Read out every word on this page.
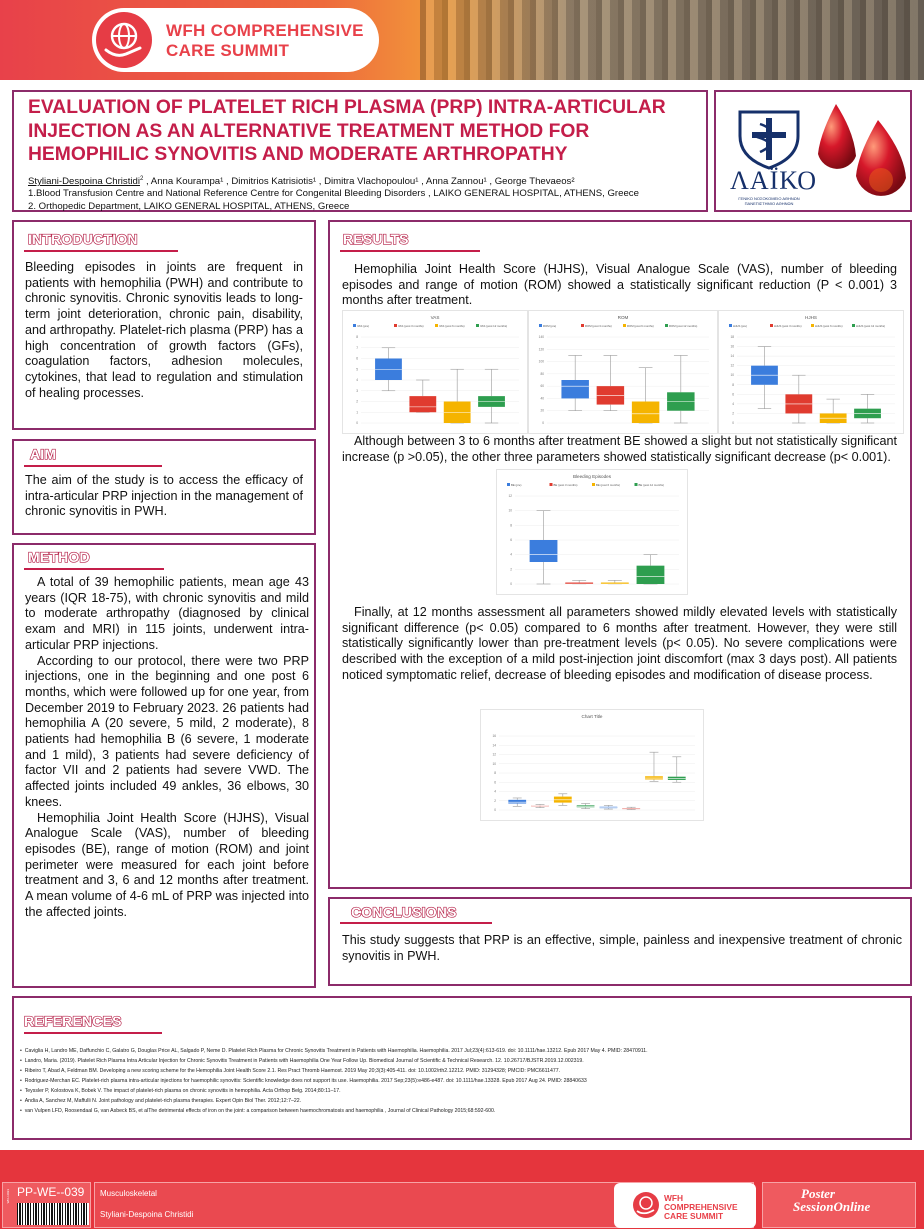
WFH COMPREHENSIVE
CARE SUMMIT
EVALUATION OF PLATELET RICH PLASMA (PRP) INTRA-ARTICULAR
INJECTION AS AN ALTERNATIVE TREATMENT METHOD FOR
HEMOPHILIC SYNOVITIS AND MODERATE ARTHROPATHY
Styliani-Despoina Christidi$^2$ , Anna Kourampa¹ , Dimitrios Katrisiotis¹ , Dimitra Vlachopoulou¹ , Anna Zannou¹ , George Thevaeos²
1.Blood Transfusion Centre and National Reference Centre for Congenital Bleeding Disorders , LAIKO GENERAL HOSPITAL, ATHENS, Greece
2. Orthopedic Department, LAIKO GENERAL HOSPITAL, ATHENS, Greece
ΛΑΪΚΟ
ΓΕΝΙΚΟ ΝΟΣΟΚΟΜΕΙΟ ΑΘΗΝΩΝ ΠΑΝΕΠΙΣΤΗΜΙΟ ΑΘΗΝΩΝ
INTRODUCTION
Bleeding episodes in joints are frequent in patients with hemophilia (PWH) and contribute to chronic synovitis. Chronic synovitis leads to long-term joint deterioration, chronic pain, disability, and arthropathy. Platelet-rich plasma (PRP) has a high concentration of growth factors (GFs), coagulation factors, adhesion molecules, cytokines, that lead to regulation and stimulation of healing processes.
AIM
The aim of the study is to access the efficacy of intra-articular PRP injection in the management of chronic synovitis in PWH.
METHOD

A total of 39 hemophilic patients, mean age 43 years (IQR 18-75), with chronic synovitis and mild to moderate arthropathy (diagnosed by clinical exam and MRI) in 115 joints, underwent intra-articular PRP injections.

According to our protocol, there were two PRP injections, one in the beginning and one post 6 months, which were followed up for one year, from December 2019 to February 2023. 26 patients had hemophilia A (20 severe, 5 mild, 2 moderate), 8 patients had hemophilia B (6 severe, 1 moderate and 1 mild), 3 patients had severe deficiency of factor VII and 2 patients had severe VWD. The affected joints included 49 ankles, 36 elbows, 30 knees.

Hemophilia Joint Health Score (HJHS), Visual Analogue Scale (VAS), number of bleeding episodes (BE), range of motion (ROM) and joint perimeter were measured for each joint before treatment and 3, 6 and 12 months after treatment. A mean volume of 4-6 mL of PRP was injected into the affected joints.

RESULTS
Hemophilia Joint Health Score (HJHS), Visual Analogue Scale (VAS), number of bleeding episodes and range of motion (ROM) showed a statistically significant reduction (P < 0.001) 3 months after treatment.
VAS
VAS (pre)	VAS (post 3 months)	VAS (post 6 months)	VAS (post 12 months)
0
1
2
3
4
5
6
7
8
ROM
ROM (pre)	ROM (post 3 months)	ROM (post 6 months)	ROM (post 12 months)
0
20
40
60
80
100
120
140
HJHS
HJHS (pre)	HJHS (post 3 months)	HJHS (post 6 months)	HJHS (post 12 months)
0
2
4
6
8
10
12
14
16
18
Although between 3 to 6 months after treatment BE showed a slight but not statistically significant increase (p >0.05), the other three parameters showed statistically significant decrease (p< 0.001).
Bleeding Episodes
BE (pre)	BE (post 3 months)	BE (post 6 months)	BE (post 12 months)
0
2
4
6
8
10
12
Finally, at 12 months assessment all parameters showed mildly elevated levels with statistically significant difference (p< 0.05) compared to 6 months after treatment. However, they were still statistically significantly lower than pre-treatment levels (p< 0.05). No severe complications were described with the exception of a mild post-injection joint discomfort (max 3 days post). All patients noticed symptomatic relief, decrease of bleeding episodes and modification of disease process.
Chart Title
0
2
4
6
8
10
12
14
16
CONCLUSIONS
This study suggests that PRP is an effective, simple, painless and inexpensive treatment of chronic synovitis in PWH.
REFERENCES
•  Caviglia H, Landro ME, Daffunchio C, Galatro G, Douglas Price AL, Salgado P, Neme D. Platelet Rich Plasma for Chronic Synovitis Treatment in Patients with Haemophilia. Haemophilia. 2017 Jul;23(4):613-619. doi: 10.1111/hae.13212. Epub 2017 May 4. PMID: 28470911.
•  Landro, Maria. (2019). Platelet Rich Plasma Intra Articular Injection for Chronic Synovitis Treatment in Patients with Haemophilia One Year Follow Up. Biomedical Journal of Scientific & Technical Research. 12. 10.26717/BJSTR.2019.12.002319.
•  Ribeiro T, Abad A, Feldman BM. Developing a new scoring scheme for the Hemophilia Joint Health Score 2.1. Res Pract Thromb Haemost. 2019 May 20;3(3):405-411. doi: 10.1002/rth2.12212. PMID: 31294328; PMCID: PMC6611477.
•  Rodriguez-Merchan EC. Platelet-rich plasma intra-articular injections for haemophilic synovitis: Scientific knowledge does not support its use. Haemophilia. 2017 Sep;23(5):e486-e487. doi: 10.1111/hae.13328. Epub 2017 Aug 24. PMID: 28840633
•  Teyssler P, Kolostova K, Bobek V. The impact of platelet-rich plasma on chronic synovitis in hemophilia. Acta Orthop Belg. 2014;80:11–17.
•  Andia A, Sanchez M, Maffulli N. Joint pathology and platelet-rich plasma therapies. Expert Opin Biol Ther. 2012;12:7–22.
•  van Vulpen LFD, Roosendaal G, van Asbeck BS, et alThe detrimental effects of iron on the joint: a comparison between haemochromatosis and haemophilia , Journal of Clinical Pathology 2015;68:592-600.
WFH 2023 PP-WE--039 Musculoskeletal
Styliani-Despoina Christidi
WFH COMPREHENSIVE
CARE SUMMIT
Poster
SessionOnline
